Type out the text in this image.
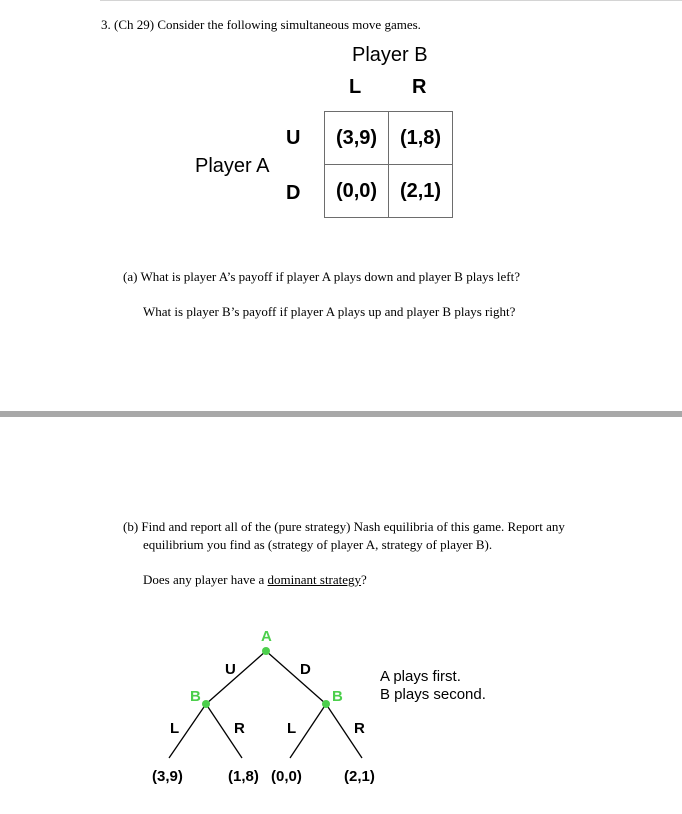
3. (Ch 29) Consider the following simultaneous move games.
Player B
L	R
Player A
U
D
(3,9)	(1,8)
(0,0)	(2,1)
(a) What is player A’s payoff if player A plays down and player B plays left?
What is player B’s payoff if player A plays up and player B plays right?
(b) Find and report all of the (pure strategy) Nash equilibria of this game. Report any
equilibrium you find as (strategy of player A, strategy of player B).
Does any player have a dominant strategy?
A
U	D
B	B
L	R	L	R
(3,9)	(1,8) (0,0)	(2,1)
A plays first.
B plays second.
